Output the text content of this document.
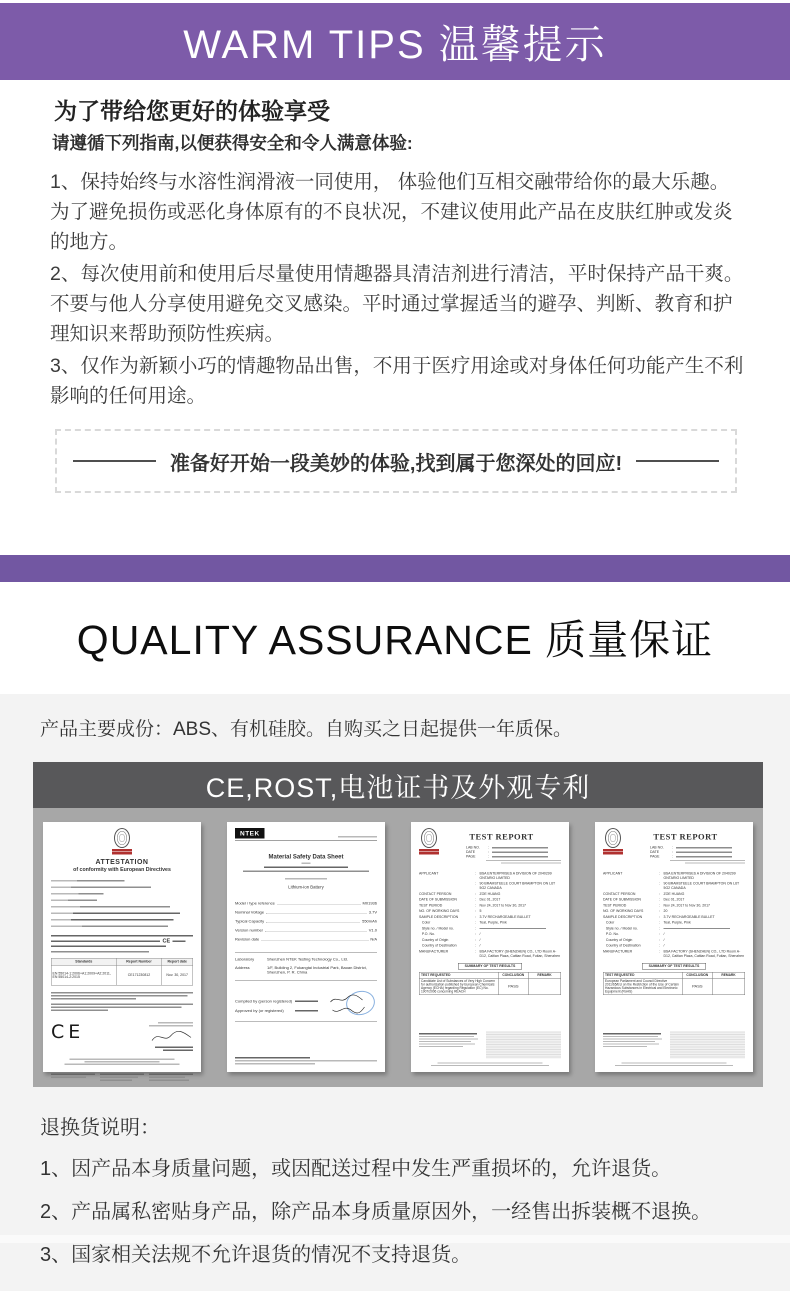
WARM TIPS 温馨提示
为了带给您更好的体验享受
请遵循下列指南,以便获得安全和令人满意体验:

1、保持始终与水溶性润滑液一同使用， 体验他们互相交融带给你的最大乐趣。为了避免损伤或恶化身体原有的不良状况，不建议使用此产品在皮肤红肿或发炎的地方。

2、每次使用前和使用后尽量使用情趣器具清洁剂进行清洁，平时保持产品干爽。不要与他人分享使用避免交叉感染。平时通过掌握适当的避孕、判断、教育和护理知识来帮助预防性疾病。

3、仅作为新颖小巧的情趣物品出售，不用于医疗用途或对身体任何功能产生不利影响的任何用途。

准备好开始一段美妙的体验,找到属于您深处的回应!
QUALITY ASSURANCE 质量保证

产品主要成份：ABS、有机硅胶。自购买之日起提供一年质保。

CE,ROST,电池证书及外观专利
ATTESTATION
of conformity with European Directives
CE
Standards	Report Number	Report date
EN 55014-1:2006+A1:2009+A2:2011, EN 55014-2:2015	CE171230812	Nov. 30, 2017
CE
NTEK
Material Safety Data Sheet
Lithium-ion Battery
Model / type reference	M01936
Nominal Voltage	3.7V
Typical Capacity	550mAh
Version number	V1.0
Revision date	N/A
Laboratory	Shenzhen NTEK Testing Technology Co., Ltd.
Address	1/F, Building 2, Fukangtai Industrial Park, Baoan District, Shenzhen, P. R. China
Compiled by (person registered)
Approved by (or registered)
TEST REPORT
LAB NO.	:
DATE	:
PAGE	:
APPLICANT	: BSA ENTERPRISES A DIVISION OF 2040299 ONTARIO LIMITED
: 90 BRAMSTEELE COURT BRAMPTON ON L6T 5G2 CANADA
CONTACT PERSON	: ZOE HUANG
DATE OF SUBMISSION	: Dec 01, 2017
TEST PERIOD	: Nov 24, 2017 to Nov 30, 2017
NO. OF WORKING DAYS	: 5
SAMPLE DESCRIPTION	: 3.7V RECHARGEABLE BULLET
Color	: Teal, Purple, Pink
Style no. / Model no.	:
P.O. No.	: /
Country of Origin	: /
Country of Destination	: /
MANUFACTURER	: BSA FACTORY (SHENZHEN) CO., LTD Room A-D12, Caitian Plaza, Caitian Road, Futian, Shenzhen
SUMMARY OF TEST RESULTS
TEST REQUESTED	CONCLUSION	REMARK
Candidate List of Substances of Very High Concern for authorization published by European Chemicals Agency (ECHA) regarding Regulation (EC) No. 1907/2006 concerning REACH	PASS	
TEST REPORT
LAB NO.	:
DATE	:
PAGE	:
APPLICANT	: BSA ENTERPRISES A DIVISION OF 2040299 ONTARIO LIMITED
: 90 BRAMSTEELE COURT BRAMPTON ON L6T 5G2 CANADA
CONTACT PERSON	: ZOE HUANG
DATE OF SUBMISSION	: Dec 01, 2017
TEST PERIOD	: Nov 24, 2017 to Nov 30, 2017
NO. OF WORKING DAYS	: 20
SAMPLE DESCRIPTION	: 3.7V RECHARGEABLE BULLET
Color	: Teal, Purple, Pink
Style no. / Model no.	:
P.O. No.	: /
Country of Origin	: /
Country of Destination	: /
MANUFACTURER	: BSA FACTORY (SHENZHEN) CO., LTD Room A-D12, Caitian Plaza, Caitian Road, Futian, Shenzhen
SUMMARY OF TEST RESULTS
TEST REQUESTED	CONCLUSION	REMARK
European Parliament and Council Directive 2011/65/EU on the Restriction of the Use of Certain Hazardous Substances in Electrical and Electronic Equipment (RoHS)	PASS	
退换货说明：

1、因产品本身质量问题，或因配送过程中发生严重损坏的，允许退货。

2、产品属私密贴身产品，除产品本身质量原因外，一经售出拆装概不退换。

3、国家相关法规不允许退货的情况不支持退货。
